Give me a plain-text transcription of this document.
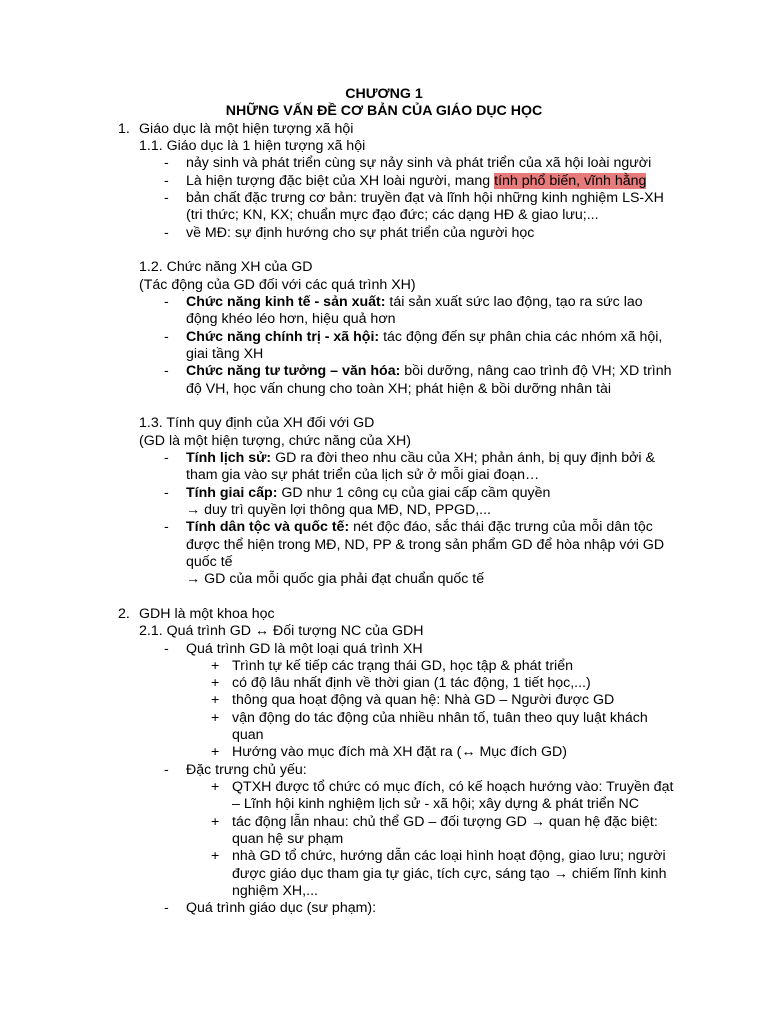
CHƯƠNG 1
NHỮNG VẤN ĐỀ CƠ BẢN CỦA GIÁO DỤC HỌC
1. Giáo dục là một hiện tượng xã hội
1.1. Giáo dục là 1 hiện tượng xã hội
- nảy sinh và phát triển cùng sự nảy sinh và phát triển của xã hội loài người
- Là hiện tượng đặc biệt của XH loài người, mang tính phổ biến, vĩnh hằng
- bản chất đặc trưng cơ bản: truyền đạt và lĩnh hội những kinh nghiệm LS-XH
(tri thức; KN, KX; chuẩn mực đạo đức; các dạng HĐ & giao lưu;...
- về MĐ: sự định hướng cho sự phát triển của người học
1.2. Chức năng XH của GD
(Tác động của GD đối với các quá trình XH)
- Chức năng kinh tế - sản xuất: tái sản xuất sức lao động, tạo ra sức lao
động khéo léo hơn, hiệu quả hơn
- Chức năng chính trị - xã hội: tác động đến sự phân chia các nhóm xã hội,
giai tầng XH
- Chức năng tư tưởng – văn hóa: bồi dưỡng, nâng cao trình độ VH; XD trình
độ VH, học vấn chung cho toàn XH; phát hiện & bồi dưỡng nhân tài
1.3. Tính quy định của XH đối với GD
(GD là một hiện tượng, chức năng của XH)
- Tính lịch sử: GD ra đời theo nhu cầu của XH; phản ánh, bị quy định bởi &
tham gia vào sự phát triển của lịch sử ở mỗi giai đoạn…
- Tính giai cấp: GD như 1 công cụ của giai cấp cầm quyền
→ duy trì quyền lợi thông qua MĐ, ND, PPGD,...
- Tính dân tộc và quốc tế: nét độc đáo, sắc thái đặc trưng của mỗi dân tộc
được thể hiện trong MĐ, ND, PP & trong sản phẩm GD để hòa nhập với GD
quốc tế
→ GD của mỗi quốc gia phải đạt chuẩn quốc tế
2. GDH là một khoa học
2.1. Quá trình GD ↔ Đối tượng NC của GDH
- Quá trình GD là một loại quá trình XH
+ Trình tự kế tiếp các trạng thái GD, học tập & phát triển
+ có độ lâu nhất định về thời gian (1 tác động, 1 tiết học,...)
+ thông qua hoạt động và quan hệ: Nhà GD – Người được GD
+ vận động do tác động của nhiều nhân tố, tuân theo quy luật khách
quan
+ Hướng vào mục đích mà XH đặt ra (↔ Mục đích GD)
- Đặc trưng chủ yếu:
+ QTXH được tổ chức có mục đích, có kế hoạch hướng vào: Truyền đạt
– Lĩnh hội kinh nghiệm lịch sử - xã hội; xây dựng & phát triển NC
+ tác động lẫn nhau: chủ thể GD – đối tượng GD → quan hệ đặc biệt:
quan hệ sư phạm
+ nhà GD tổ chức, hướng dẫn các loại hình hoạt động, giao lưu; người
được giáo dục tham gia tự giác, tích cực, sáng tạo → chiếm lĩnh kinh
nghiệm XH,...
- Quá trình giáo dục (sư phạm):
